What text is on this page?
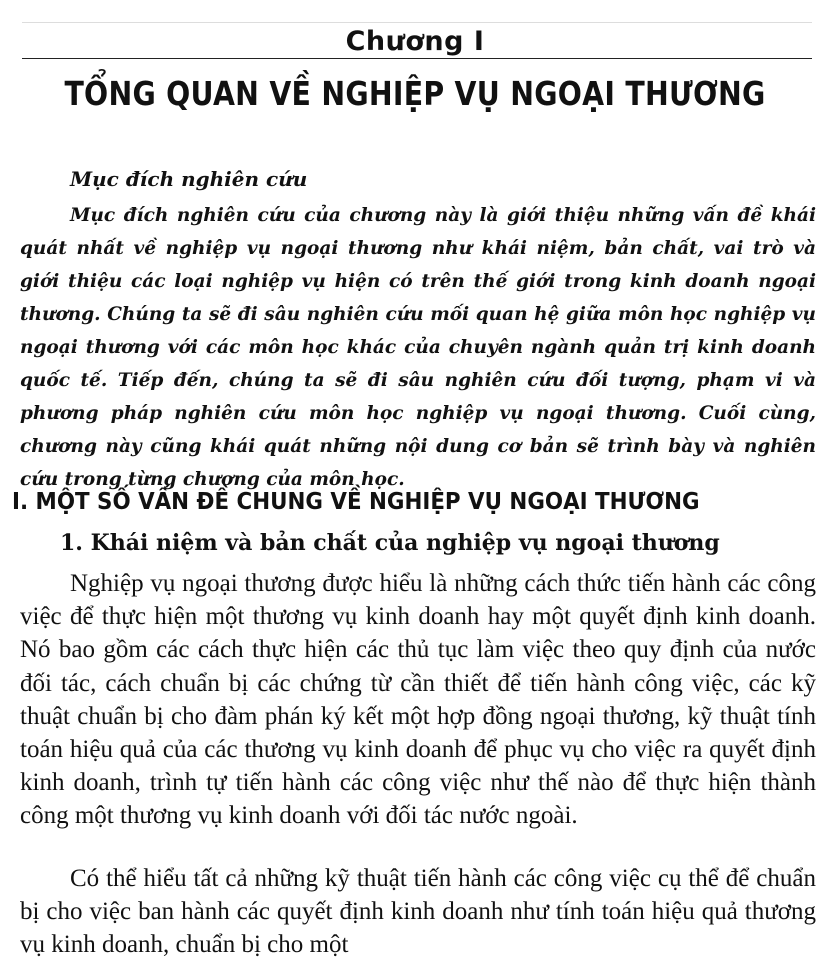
Chương I
TỔNG QUAN VỀ NGHIỆP VỤ NGOẠI THƯƠNG
Mục đích nghiên cứu

Mục đích nghiên cứu của chương này là giới thiệu những vấn đề khái quát nhất về nghiệp vụ ngoại thương như khái niệm, bản chất, vai trò và giới thiệu các loại nghiệp vụ hiện có trên thế giới trong kinh doanh ngoại thương. Chúng ta sẽ đi sâu nghiên cứu mối quan hệ giữa môn học nghiệp vụ ngoại thương với các môn học khác của chuyên ngành quản trị kinh doanh quốc tế. Tiếp đến, chúng ta sẽ đi sâu nghiên cứu đối tượng, phạm vi và phương pháp nghiên cứu môn học nghiệp vụ ngoại thương. Cuối cùng, chương này cũng khái quát những nội dung cơ bản sẽ trình bày và nghiên cứu trong từng chương của môn học.

I. MỘT SỐ VẤN ĐỀ CHUNG VỀ NGHIỆP VỤ NGOẠI THƯƠNG
1. Khái niệm và bản chất của nghiệp vụ ngoại thương

Nghiệp vụ ngoại thương được hiểu là những cách thức tiến hành các công việc để thực hiện một thương vụ kinh doanh hay một quyết định kinh doanh. Nó bao gồm các cách thực hiện các thủ tục làm việc theo quy định của nước đối tác, cách chuẩn bị các chứng từ cần thiết để tiến hành công việc, các kỹ thuật chuẩn bị cho đàm phán ký kết một hợp đồng ngoại thương, kỹ thuật tính toán hiệu quả của các thương vụ kinh doanh để phục vụ cho việc ra quyết định kinh doanh, trình tự tiến hành các công việc như thế nào để thực hiện thành công một thương vụ kinh doanh với đối tác nước ngoài.

Có thể hiểu tất cả những kỹ thuật tiến hành các công việc cụ thể để chuẩn bị cho việc ban hành các quyết định kinh doanh như tính toán hiệu quả thương vụ kinh doanh, chuẩn bị cho một
